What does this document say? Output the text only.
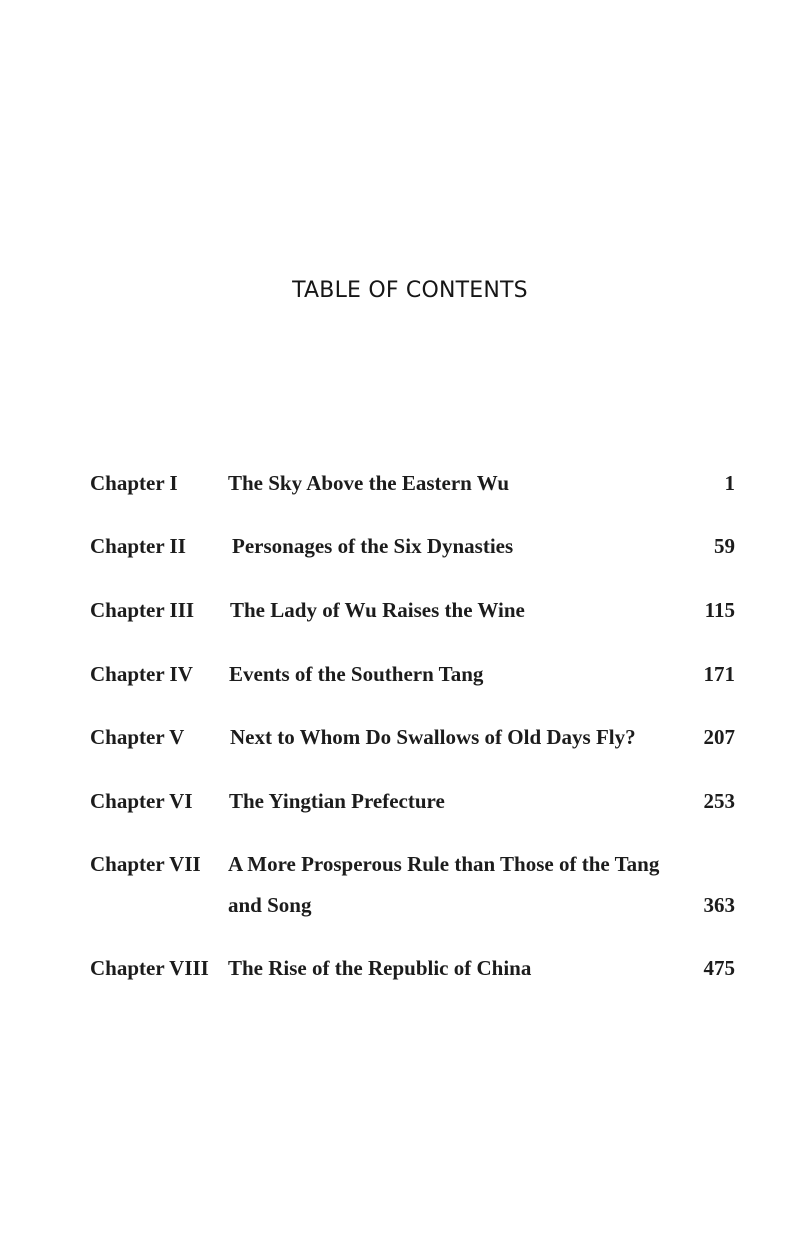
TABLE OF CONTENTS
Chapter I The Sky Above the Eastern Wu	1
Chapter II Personages of the Six Dynasties	59
Chapter III The Lady of Wu Raises the Wine	115
Chapter IV Events of the Southern Tang	171
Chapter V Next to Whom Do Swallows of Old Days Fly?	207
Chapter VI The Yingtian Prefecture	253
Chapter VII A More Prosperous Rule than Those of the Tang
and Song	363
Chapter VIII The Rise of the Republic of China	475
